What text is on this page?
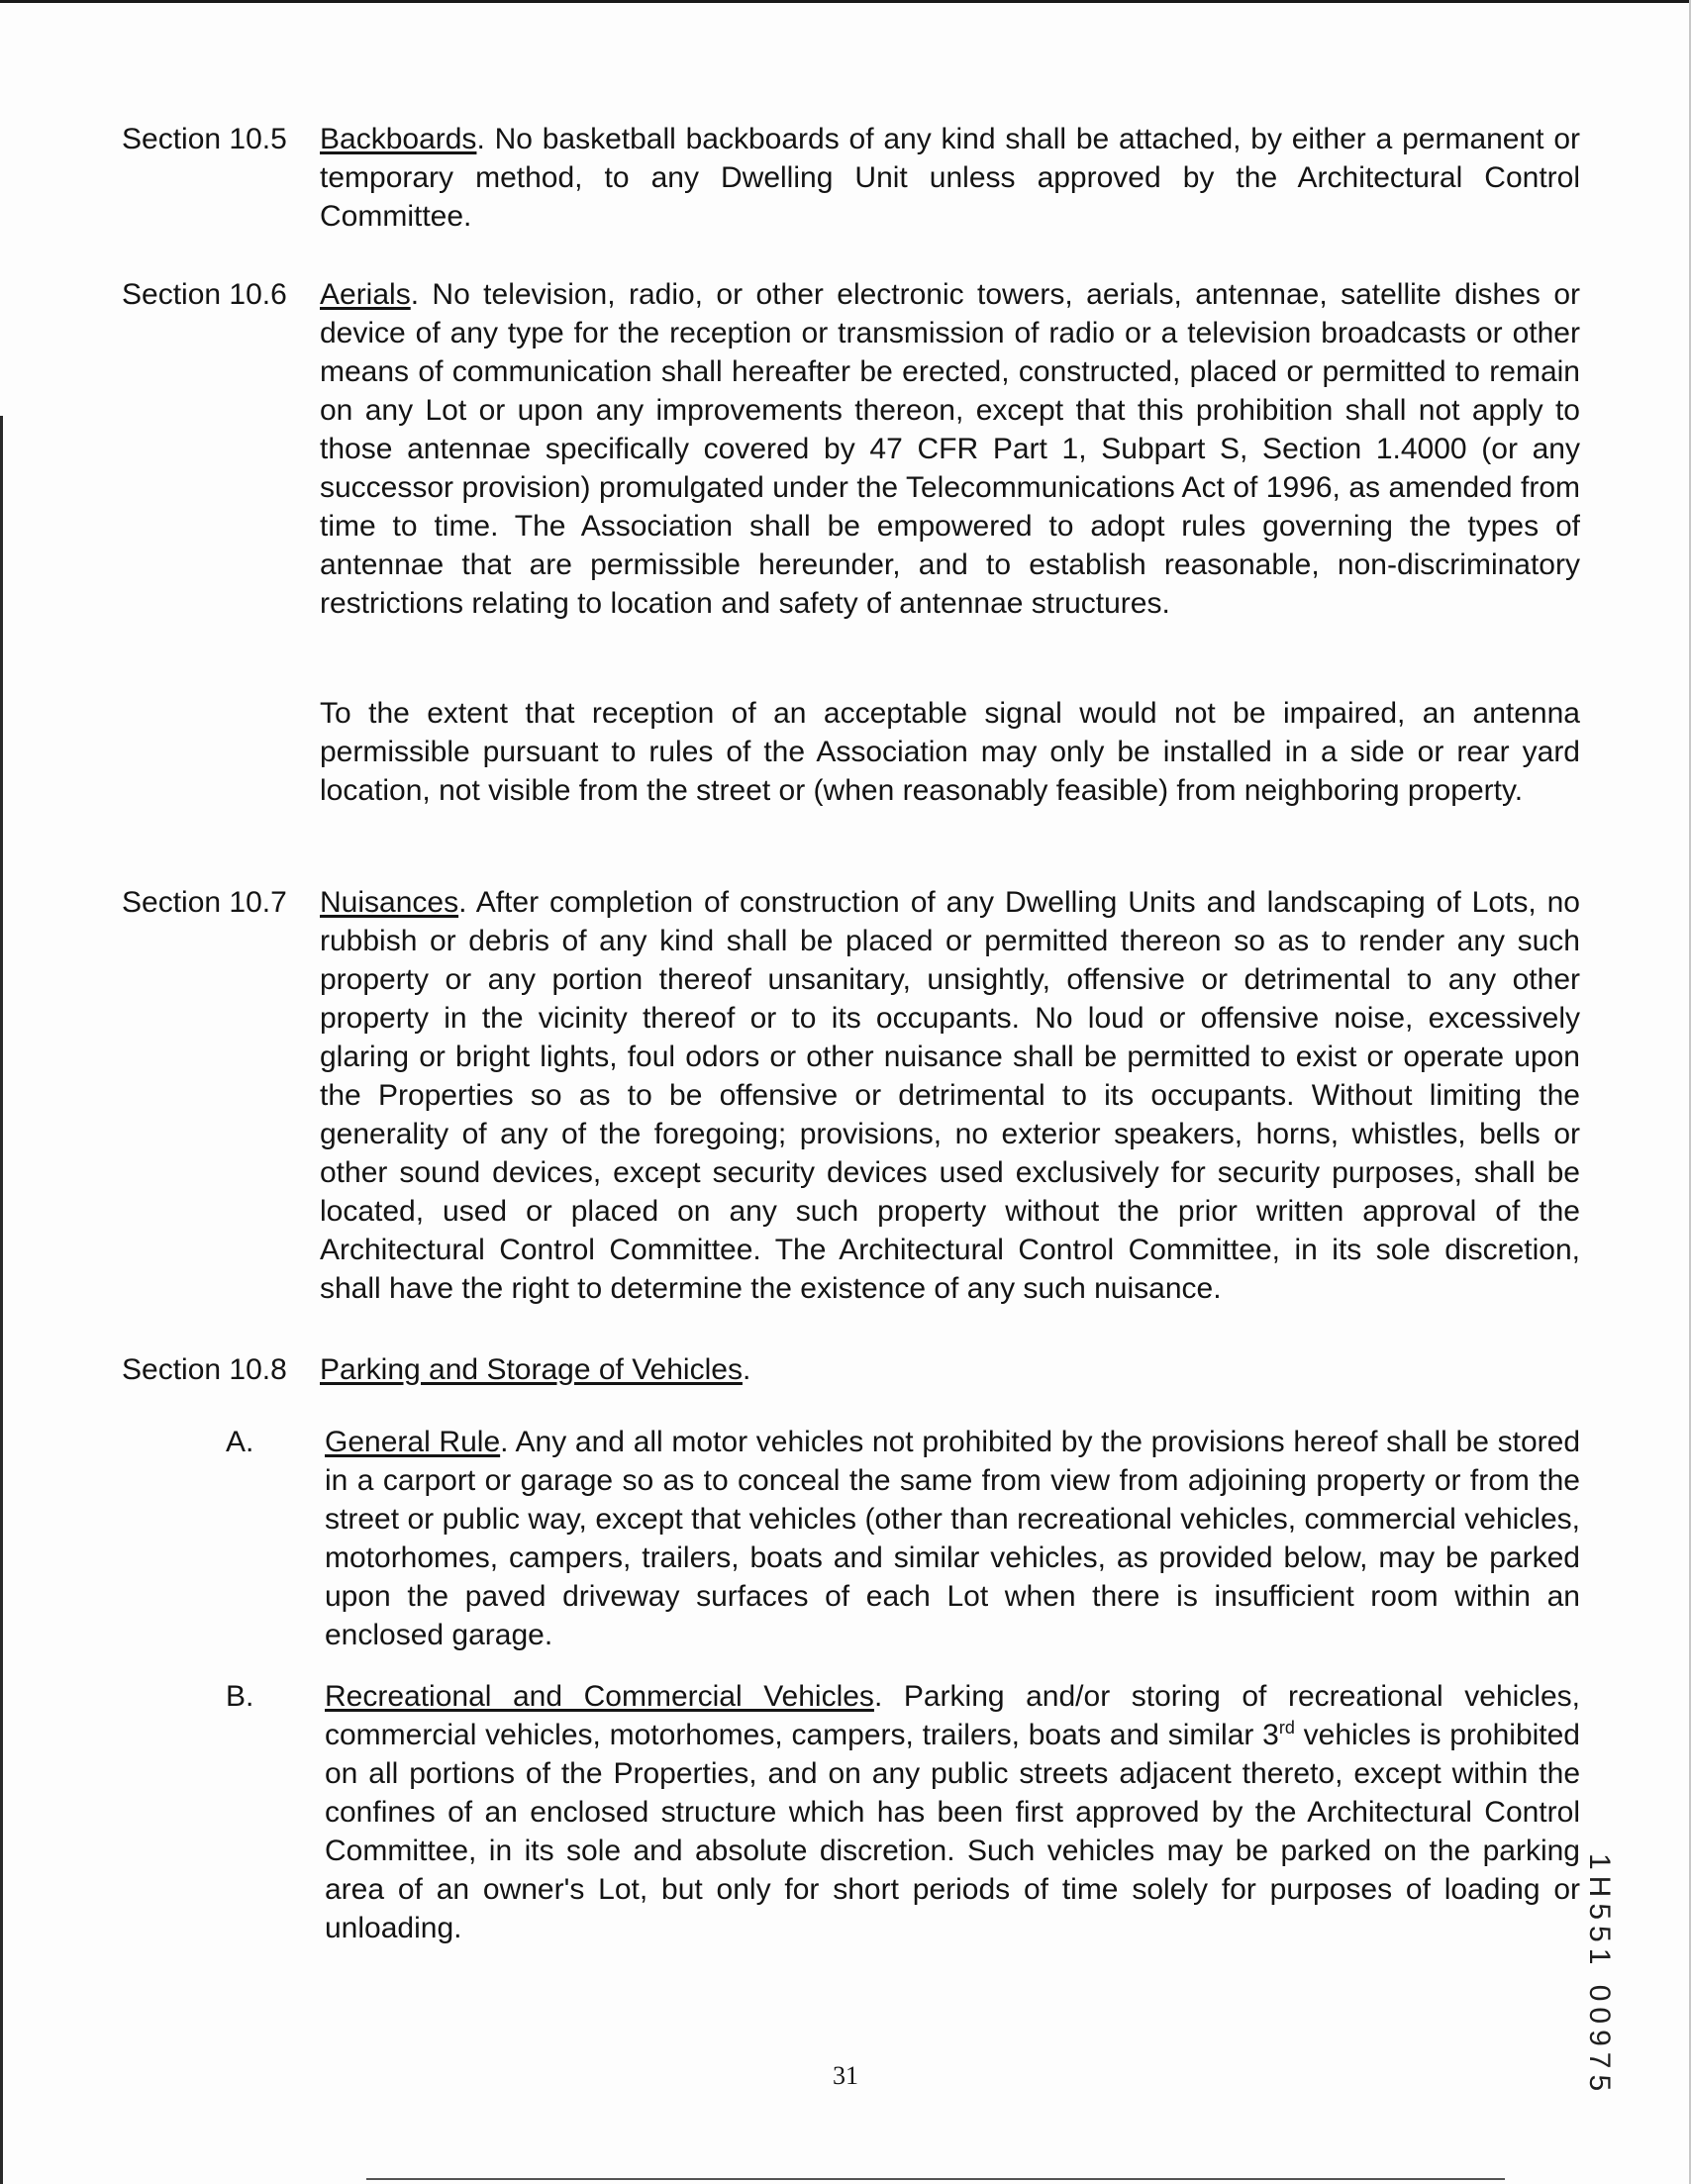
Section 10.5	Backboards. No basketball backboards of any kind shall be attached, by either a permanent or temporary method, to any Dwelling Unit unless approved by the Architectural Control Committee.
Section 10.6	Aerials. No television, radio, or other electronic towers, aerials, antennae, satellite dishes or device of any type for the reception or transmission of radio or a television broadcasts or other means of communication shall hereafter be erected, constructed, placed or permitted to remain on any Lot or upon any improvements thereon, except that this prohibition shall not apply to those antennae specifically covered by 47 CFR Part 1, Subpart S, Section 1.4000 (or any successor provision) promulgated under the Telecommunications Act of 1996, as amended from time to time. The Association shall be empowered to adopt rules governing the types of antennae that are permissible hereunder, and to establish reasonable, non-discriminatory restrictions relating to location and safety of antennae structures.
To the extent that reception of an acceptable signal would not be impaired, an antenna permissible pursuant to rules of the Association may only be installed in a side or rear yard location, not visible from the street or (when reasonably feasible) from neighboring property.
Section 10.7	Nuisances. After completion of construction of any Dwelling Units and landscaping of Lots, no rubbish or debris of any kind shall be placed or permitted thereon so as to render any such property or any portion thereof unsanitary, unsightly, offensive or detrimental to any other property in the vicinity thereof or to its occupants. No loud or offensive noise, excessively glaring or bright lights, foul odors or other nuisance shall be permitted to exist or operate upon the Properties so as to be offensive or detrimental to its occupants. Without limiting the generality of any of the foregoing; provisions, no exterior speakers, horns, whistles, bells or other sound devices, except security devices used exclusively for security purposes, shall be located, used or placed on any such property without the prior written approval of the Architectural Control Committee. The Architectural Control Committee, in its sole discretion, shall have the right to determine the existence of any such nuisance.
Section 10.8	Parking and Storage of Vehicles.
A.	General Rule. Any and all motor vehicles not prohibited by the provisions hereof shall be stored in a carport or garage so as to conceal the same from view from adjoining property or from the street or public way, except that vehicles (other than recreational vehicles, commercial vehicles, motorhomes, campers, trailers, boats and similar vehicles, as provided below, may be parked upon the paved driveway surfaces of each Lot when there is insufficient room within an enclosed garage.
B.	Recreational and Commercial Vehicles. Parking and/or storing of recreational vehicles, commercial vehicles, motorhomes, campers, trailers, boats and similar 3rd vehicles is prohibited on all portions of the Properties, and on any public streets adjacent thereto, except within the confines of an enclosed structure which has been first approved by the Architectural Control Committee, in its sole and absolute discretion. Such vehicles may be parked on the parking area of an owner's Lot, but only for short periods of time solely for purposes of loading or unloading.
31	1H551 00975
